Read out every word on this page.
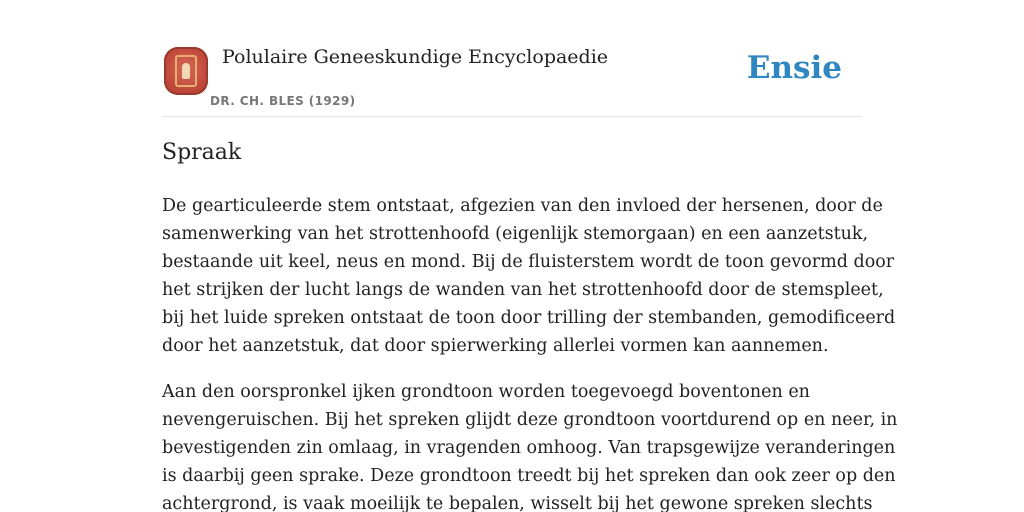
Polulaire Geneeskundige Encyclopaedie
DR. CH. BLES (1929)
Ensie
Spraak

De gearticuleerde stem ontstaat, afgezien van den invloed der hersenen, door de
samenwerking van het strottenhoofd (eigenlijk stemorgaan) en een aanzetstuk,
bestaande uit keel, neus en mond. Bij de fluisterstem wordt de toon gevormd door
het strijken der lucht langs de wanden van het strottenhoofd door de stemspleet,
bij het luide spreken ontstaat de toon door trilling der stembanden, gemodificeerd
door het aanzetstuk, dat door spierwerking allerlei vormen kan aannemen.

Aan den oorspronkel ijken grondtoon worden toegevoegd boventonen en
nevengeruischen. Bij het spreken glijdt deze grondtoon voortdurend op en neer, in
bevestigenden zin omlaag, in vragenden omhoog. Van trapsgewijze veranderingen
is daarbij geen sprake. Deze grondtoon treedt bij het spreken dan ook zeer op den
achtergrond, is vaak moeilijk te bepalen, wisselt bij het gewone spreken slechts
